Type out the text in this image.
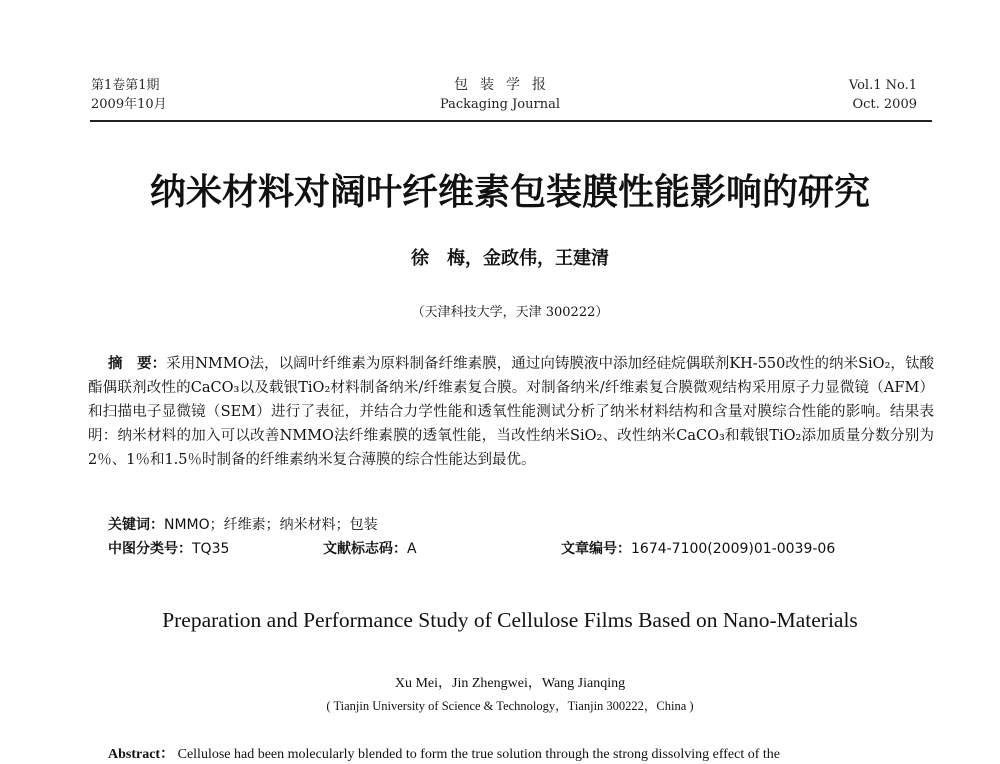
第1卷第1期
2009年10月
包装学报
Packaging Journal
Vol.1 No.1
Oct. 2009
纳米材料对阔叶纤维素包装膜性能影响的研究
徐　梅，金政伟，王建清
（天津科技大学，天津 300222）

摘　要：采用NMMO法，以阔叶纤维素为原料制备纤维素膜，通过向铸膜液中添加经硅烷偶联剂KH-550改性的纳米SiO₂，钛酸酯偶联剂改性的CaCO₃以及载银TiO₂材料制备纳米/纤维素复合膜。对制备纳米/纤维素复合膜微观结构采用原子力显微镜（AFM）和扫描电子显微镜（SEM）进行了表征，并结合力学性能和透氧性能测试分析了纳米材料结构和含量对膜综合性能的影响。结果表明：纳米材料的加入可以改善NMMO法纤维素膜的透氧性能，当改性纳米SiO₂、改性纳米CaCO₃和载银TiO₂添加质量分数分别为2％、1％和1.5％时制备的纤维素纳米复合薄膜的综合性能达到最优。

关键词：NMMO；纤维素；纳米材料；包装
中图分类号：TQ35	文献标志码：A	文章编号：1674-7100(2009)01-0039-06
Preparation and Performance Study of Cellulose Films Based on Nano-Materials
Xu Mei，Jin Zhengwei，Wang Jianqing
( Tianjin University of Science & Technology，Tianjin 300222，China )
Abstract： Cellulose had been molecularly blended to form the true solution through the strong dissolving effect of the
